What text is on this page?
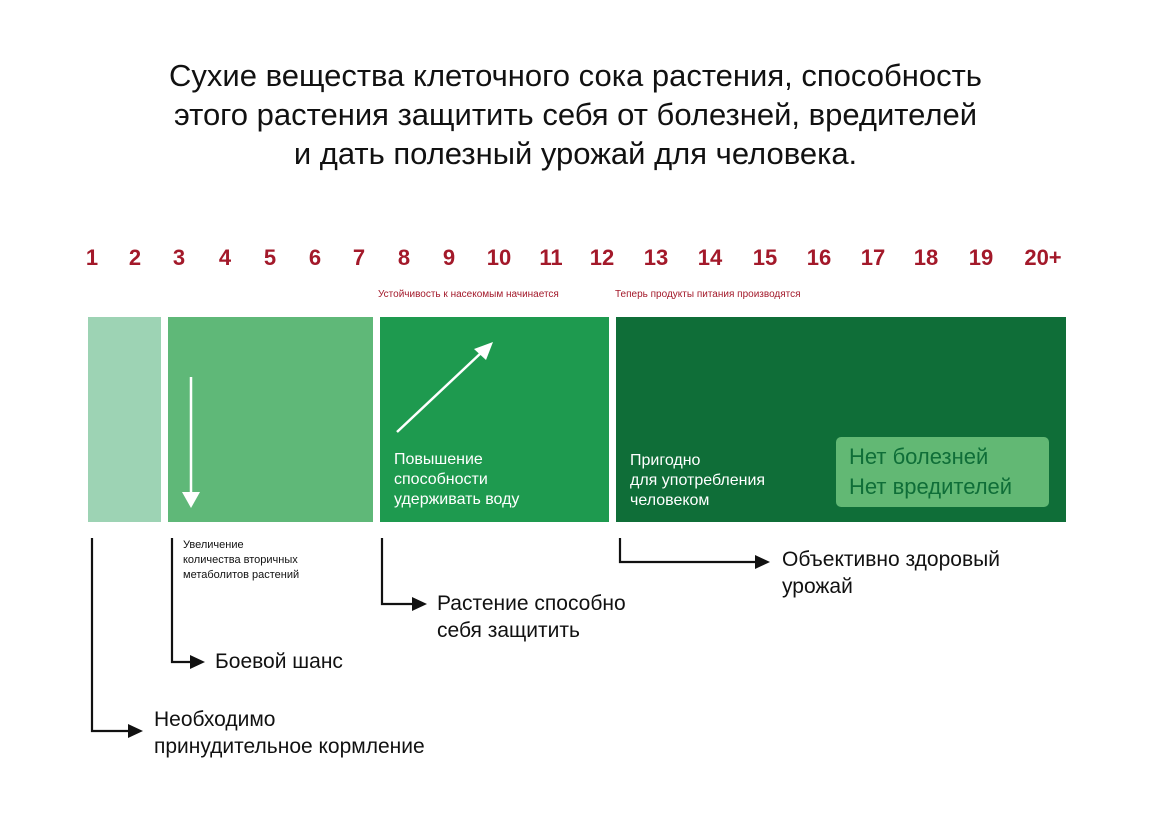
Сухие вещества клеточного сока растения, способность
этого растения защитить себя от болезней, вредителей
и дать полезный урожай для человека.
1 2 3 4 5 6 7 8 9 10 11 12 13 14 15 16 17 18 19 20+
Устойчивость к насекомым начинается	Теперь продукты питания производятся
Повышение
способности
удерживать воду
Пригодно
для употребления
человеком
Нет болезней
Нет вредителей
Увеличение
количества вторичных
метаболитов растений
Необходимо
принудительное кормление
Боевой шанс
Растение способно
себя защитить
Объективно здоровый
урожай
